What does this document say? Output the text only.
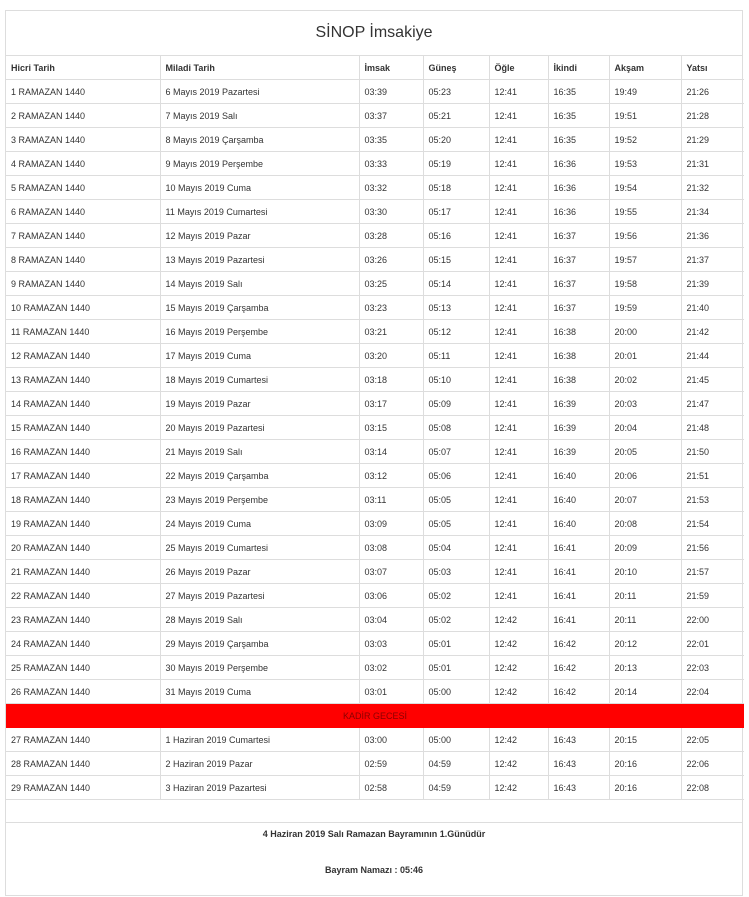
SİNOP İmsakiye
Hicri Tarih	Miladi Tarih	İmsak	Güneş	Öğle	İkindi	Akşam	Yatsı
1 RAMAZAN 1440	6 Mayıs 2019 Pazartesi	03:39	05:23	12:41	16:35	19:49	21:26
2 RAMAZAN 1440	7 Mayıs 2019 Salı	03:37	05:21	12:41	16:35	19:51	21:28
3 RAMAZAN 1440	8 Mayıs 2019 Çarşamba	03:35	05:20	12:41	16:35	19:52	21:29
4 RAMAZAN 1440	9 Mayıs 2019 Perşembe	03:33	05:19	12:41	16:36	19:53	21:31
5 RAMAZAN 1440	10 Mayıs 2019 Cuma	03:32	05:18	12:41	16:36	19:54	21:32
6 RAMAZAN 1440	11 Mayıs 2019 Cumartesi	03:30	05:17	12:41	16:36	19:55	21:34
7 RAMAZAN 1440	12 Mayıs 2019 Pazar	03:28	05:16	12:41	16:37	19:56	21:36
8 RAMAZAN 1440	13 Mayıs 2019 Pazartesi	03:26	05:15	12:41	16:37	19:57	21:37
9 RAMAZAN 1440	14 Mayıs 2019 Salı	03:25	05:14	12:41	16:37	19:58	21:39
10 RAMAZAN 1440	15 Mayıs 2019 Çarşamba	03:23	05:13	12:41	16:37	19:59	21:40
11 RAMAZAN 1440	16 Mayıs 2019 Perşembe	03:21	05:12	12:41	16:38	20:00	21:42
12 RAMAZAN 1440	17 Mayıs 2019 Cuma	03:20	05:11	12:41	16:38	20:01	21:44
13 RAMAZAN 1440	18 Mayıs 2019 Cumartesi	03:18	05:10	12:41	16:38	20:02	21:45
14 RAMAZAN 1440	19 Mayıs 2019 Pazar	03:17	05:09	12:41	16:39	20:03	21:47
15 RAMAZAN 1440	20 Mayıs 2019 Pazartesi	03:15	05:08	12:41	16:39	20:04	21:48
16 RAMAZAN 1440	21 Mayıs 2019 Salı	03:14	05:07	12:41	16:39	20:05	21:50
17 RAMAZAN 1440	22 Mayıs 2019 Çarşamba	03:12	05:06	12:41	16:40	20:06	21:51
18 RAMAZAN 1440	23 Mayıs 2019 Perşembe	03:11	05:05	12:41	16:40	20:07	21:53
19 RAMAZAN 1440	24 Mayıs 2019 Cuma	03:09	05:05	12:41	16:40	20:08	21:54
20 RAMAZAN 1440	25 Mayıs 2019 Cumartesi	03:08	05:04	12:41	16:41	20:09	21:56
21 RAMAZAN 1440	26 Mayıs 2019 Pazar	03:07	05:03	12:41	16:41	20:10	21:57
22 RAMAZAN 1440	27 Mayıs 2019 Pazartesi	03:06	05:02	12:41	16:41	20:11	21:59
23 RAMAZAN 1440	28 Mayıs 2019 Salı	03:04	05:02	12:42	16:41	20:11	22:00
24 RAMAZAN 1440	29 Mayıs 2019 Çarşamba	03:03	05:01	12:42	16:42	20:12	22:01
25 RAMAZAN 1440	30 Mayıs 2019 Perşembe	03:02	05:01	12:42	16:42	20:13	22:03
26 RAMAZAN 1440	31 Mayıs 2019 Cuma	03:01	05:00	12:42	16:42	20:14	22:04
KADİR GECESİ							
27 RAMAZAN 1440	1 Haziran 2019 Cumartesi	03:00	05:00	12:42	16:43	20:15	22:05
28 RAMAZAN 1440	2 Haziran 2019 Pazar	02:59	04:59	12:42	16:43	20:16	22:06
29 RAMAZAN 1440	3 Haziran 2019 Pazartesi	02:58	04:59	12:42	16:43	20:16	22:08
4 Haziran 2019 Salı Ramazan Bayramının 1.Günüdür
Bayram Namazı : 05:46
